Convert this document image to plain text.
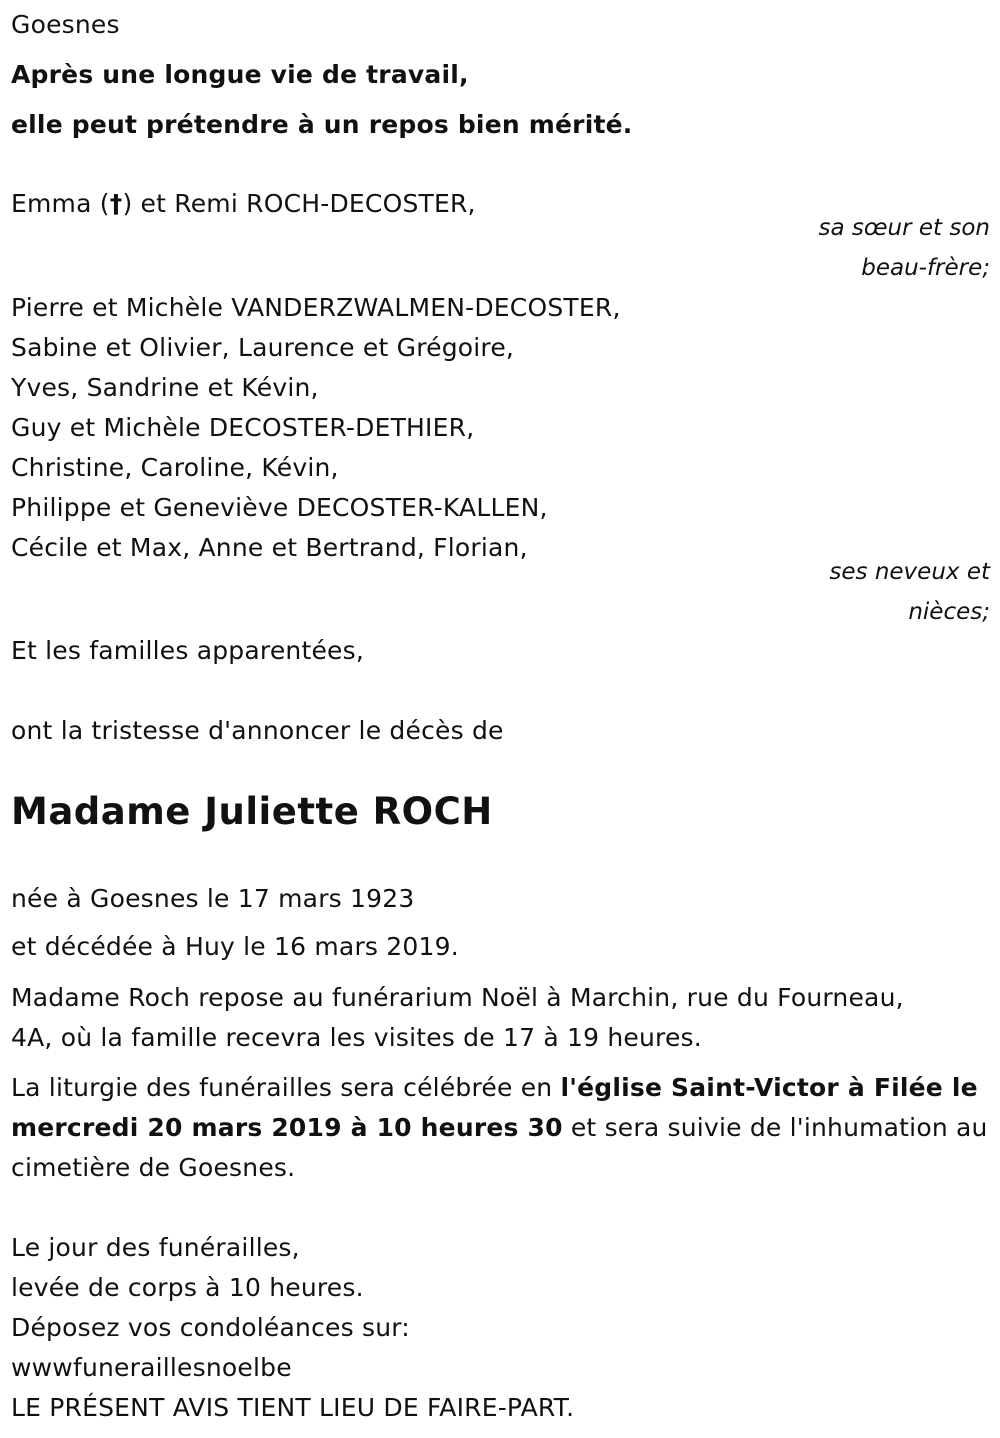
Goesnes
Après une longue vie de travail,
elle peut prétendre à un repos bien mérité.
Emma (†) et Remi ROCH-DECOSTER,
sa sœur et son
beau-frère;
Pierre et Michèle VANDERZWALMEN-DECOSTER,
Sabine et Olivier, Laurence et Grégoire,
Yves, Sandrine et Kévin,
Guy et Michèle DECOSTER-DETHIER,
Christine, Caroline, Kévin,
Philippe et Geneviève DECOSTER-KALLEN,
Cécile et Max, Anne et Bertrand, Florian,
ses neveux et
nièces;
Et les familles apparentées,
ont la tristesse d'annoncer le décès de
Madame Juliette ROCH
née à Goesnes le 17 mars 1923
et décédée à Huy le 16 mars 2019.
Madame Roch repose au funérarium Noël à Marchin, rue du Fourneau,
4A, où la famille recevra les visites de 17 à 19 heures.
La liturgie des funérailles sera célébrée en l'église Saint-Victor à Filée le
mercredi 20 mars 2019 à 10 heures 30 et sera suivie de l'inhumation au
cimetière de Goesnes.
Le jour des funérailles,
levée de corps à 10 heures.
Déposez vos condoléances sur:
wwwfuneraillesnoelbe
LE PRÉSENT AVIS TIENT LIEU DE FAIRE-PART.
